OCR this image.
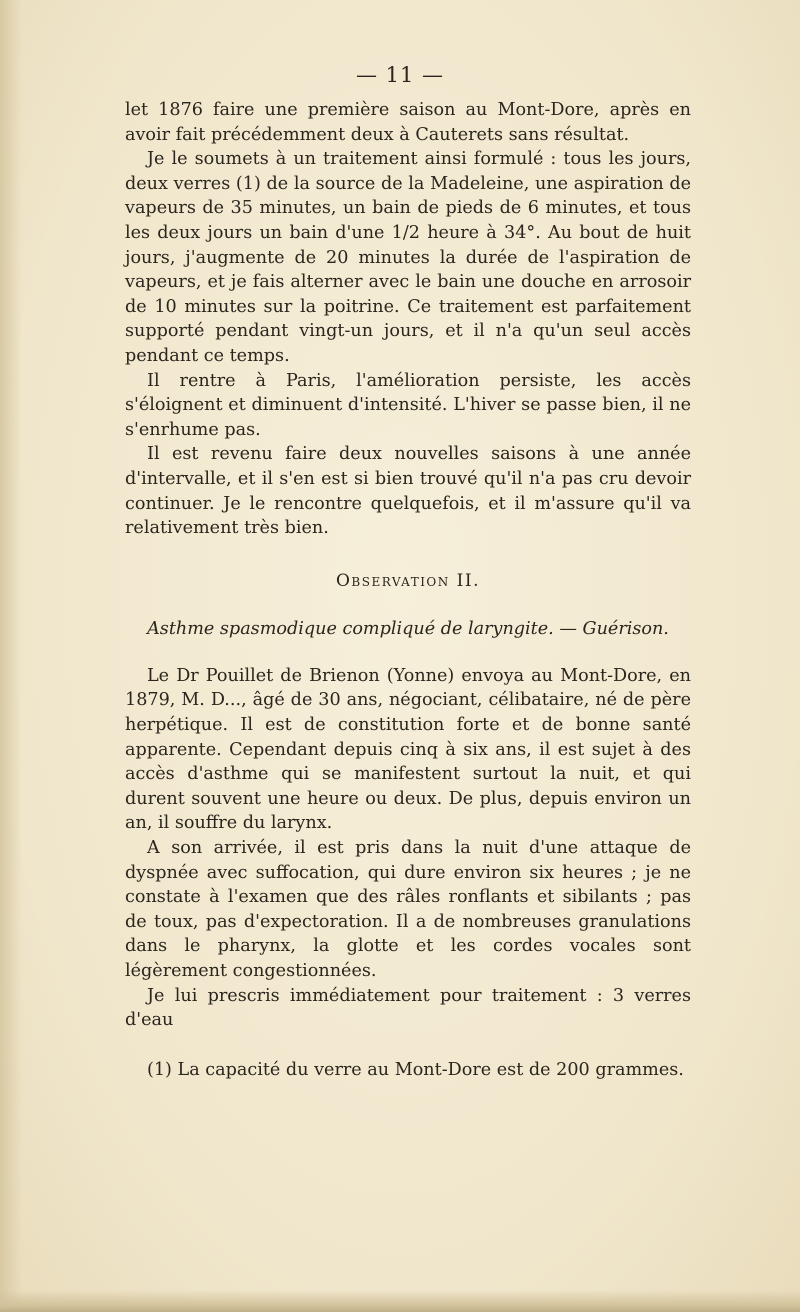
— 11 —

let 1876 faire une première saison au Mont-Dore, après en avoir fait précédemment deux à Cauterets sans résultat.

Je le soumets à un traitement ainsi formulé : tous les jours, deux verres (1) de la source de la Madeleine, une aspiration de vapeurs de 35 minutes, un bain de pieds de 6 minutes, et tous les deux jours un bain d'une 1/2 heure à 34°. Au bout de huit jours, j'augmente de 20 minutes la durée de l'aspiration de vapeurs, et je fais alterner avec le bain une douche en arrosoir de 10 minutes sur la poitrine. Ce traitement est parfaitement supporté pendant vingt-un jours, et il n'a qu'un seul accès pendant ce temps.

Il rentre à Paris, l'amélioration persiste, les accès s'éloignent et diminuent d'intensité. L'hiver se passe bien, il ne s'enrhume pas.

Il est revenu faire deux nouvelles saisons à une année d'intervalle, et il s'en est si bien trouvé qu'il n'a pas cru devoir continuer. Je le rencontre quelquefois, et il m'assure qu'il va relativement très bien.

Observation II.

Asthme spasmodique compliqué de laryngite. — Guérison.

Le Dr Pouillet de Brienon (Yonne) envoya au Mont-Dore, en 1879, M. D..., âgé de 30 ans, négociant, célibataire, né de père herpétique. Il est de constitution forte et de bonne santé apparente. Cependant depuis cinq à six ans, il est sujet à des accès d'asthme qui se manifestent surtout la nuit, et qui durent souvent une heure ou deux. De plus, depuis environ un an, il souffre du larynx.

A son arrivée, il est pris dans la nuit d'une attaque de dyspnée avec suffocation, qui dure environ six heures ; je ne constate à l'examen que des râles ronflants et sibilants ; pas de toux, pas d'expectoration. Il a de nombreuses granulations dans le pharynx, la glotte et les cordes vocales sont légèrement congestionnées.

Je lui prescris immédiatement pour traitement : 3 verres d'eau

(1) La capacité du verre au Mont-Dore est de 200 grammes.
